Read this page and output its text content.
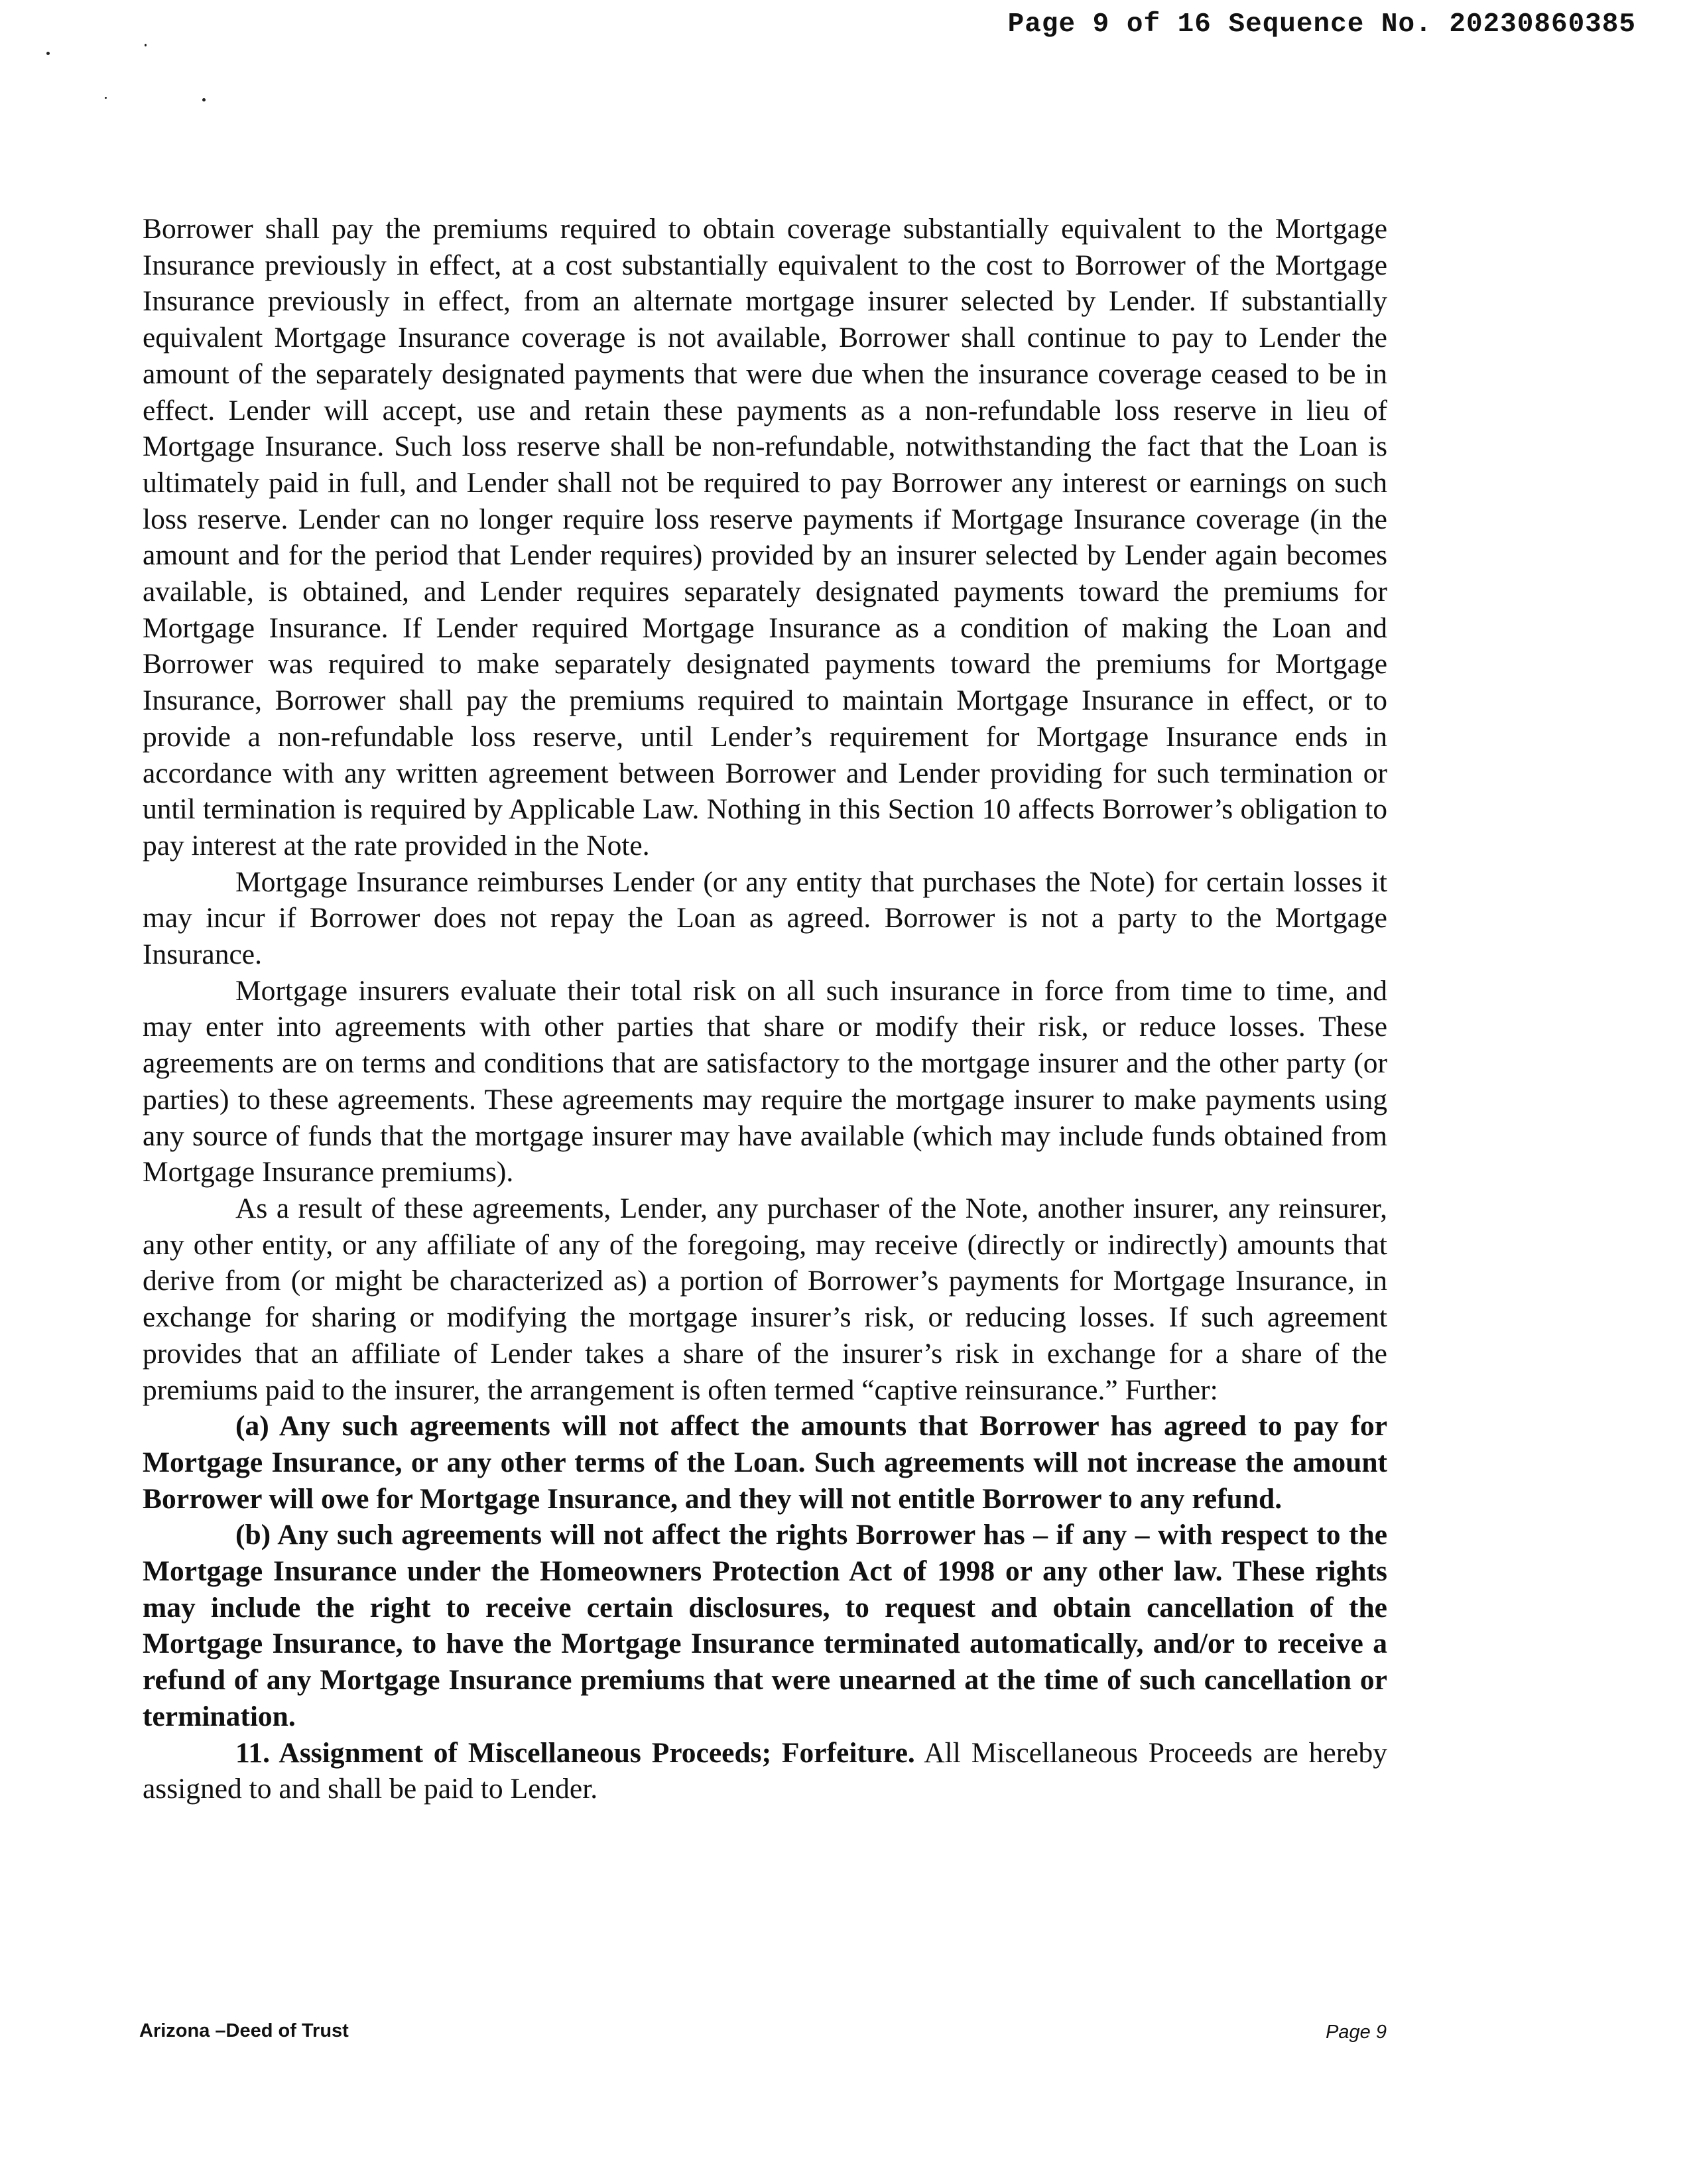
Page 9 of 16 Sequence No. 20230860385

Borrower shall pay the premiums required to obtain coverage substantially equivalent to the Mortgage Insurance previously in effect, at a cost substantially equivalent to the cost to Borrower of the Mortgage Insurance previously in effect, from an alternate mortgage insurer selected by Lender. If substantially equivalent Mortgage Insurance coverage is not available, Borrower shall continue to pay to Lender the amount of the separately designated payments that were due when the insurance coverage ceased to be in effect. Lender will accept, use and retain these payments as a non-refundable loss reserve in lieu of Mortgage Insurance. Such loss reserve shall be non-refundable, notwithstanding the fact that the Loan is ultimately paid in full, and Lender shall not be required to pay Borrower any interest or earnings on such loss reserve. Lender can no longer require loss reserve payments if Mortgage Insurance coverage (in the amount and for the period that Lender requires) provided by an insurer selected by Lender again becomes available, is obtained, and Lender requires separately designated payments toward the premiums for Mortgage Insurance. If Lender required Mortgage Insurance as a condition of making the Loan and Borrower was required to make separately designated payments toward the premiums for Mortgage Insurance, Borrower shall pay the premiums required to maintain Mortgage Insurance in effect, or to provide a non-refundable loss reserve, until Lender’s requirement for Mortgage Insurance ends in accordance with any written agreement between Borrower and Lender providing for such termination or until termination is required by Applicable Law. Nothing in this Section 10 affects Borrower’s obligation to pay interest at the rate provided in the Note.

Mortgage Insurance reimburses Lender (or any entity that purchases the Note) for certain losses it may incur if Borrower does not repay the Loan as agreed. Borrower is not a party to the Mortgage Insurance.

Mortgage insurers evaluate their total risk on all such insurance in force from time to time, and may enter into agreements with other parties that share or modify their risk, or reduce losses. These agreements are on terms and conditions that are satisfactory to the mortgage insurer and the other party (or parties) to these agreements. These agreements may require the mortgage insurer to make payments using any source of funds that the mortgage insurer may have available (which may include funds obtained from Mortgage Insurance premiums).

As a result of these agreements, Lender, any purchaser of the Note, another insurer, any reinsurer, any other entity, or any affiliate of any of the foregoing, may receive (directly or indirectly) amounts that derive from (or might be characterized as) a portion of Borrower’s payments for Mortgage Insurance, in exchange for sharing or modifying the mortgage insurer’s risk, or reducing losses. If such agreement provides that an affiliate of Lender takes a share of the insurer’s risk in exchange for a share of the premiums paid to the insurer, the arrangement is often termed “captive reinsurance.” Further:

(a) Any such agreements will not affect the amounts that Borrower has agreed to pay for Mortgage Insurance, or any other terms of the Loan. Such agreements will not increase the amount Borrower will owe for Mortgage Insurance, and they will not entitle Borrower to any refund.

(b) Any such agreements will not affect the rights Borrower has – if any – with respect to the Mortgage Insurance under the Homeowners Protection Act of 1998 or any other law. These rights may include the right to receive certain disclosures, to request and obtain cancellation of the Mortgage Insurance, to have the Mortgage Insurance terminated automatically, and/or to receive a refund of any Mortgage Insurance premiums that were unearned at the time of such cancellation or termination.

11. Assignment of Miscellaneous Proceeds; Forfeiture. All Miscellaneous Proceeds are hereby assigned to and shall be paid to Lender.

Arizona –Deed of Trust	Page 9
